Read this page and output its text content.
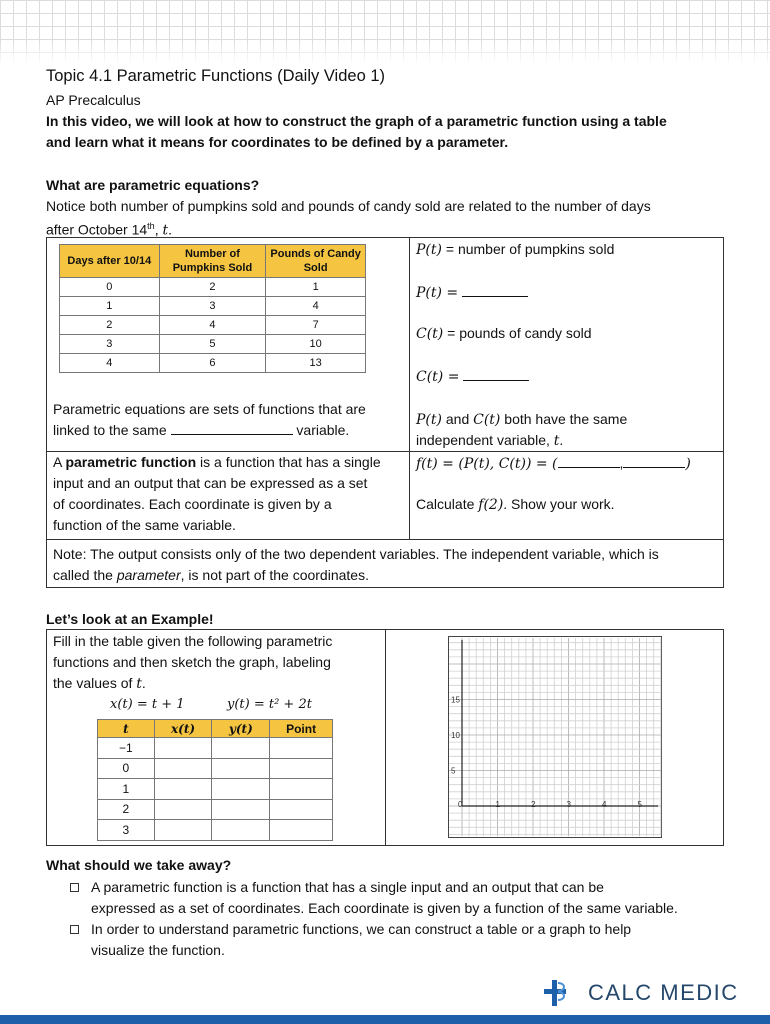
Topic 4.1 Parametric Functions (Daily Video 1)
AP Precalculus
In this video, we will look at how to construct the graph of a parametric function using a table
and learn what it means for coordinates to be defined by a parameter.
What are parametric equations?
Notice both number of pumpkins sold and pounds of candy sold are related to the number of days
after October 14th, t.
Days after 10/14	Number of Pumpkins Sold	Pounds of Candy Sold
0	2	1
1	3	4
2	4	7
3	5	10
4	6	13
P(t) = number of pumpkins sold
P(t) =
C(t) = pounds of candy sold
C(t) =
P(t) and C(t) both have the same
independent variable, t.
Parametric equations are sets of functions that are
linked to the same	variable.
A parametric function is a function that has a single
input and an output that can be expressed as a set
of coordinates. Each coordinate is given by a
function of the same variable.
f(t) = (P(t), C(t)) = (	,	)
Calculate f(2). Show your work.
Note: The output consists only of the two dependent variables. The independent variable, which is
called the parameter, is not part of the coordinates.
Let’s look at an Example!
Fill in the table given the following parametric
functions and then sketch the graph, labeling
the values of t.
x(t) = t + 1	y(t) = t² + 2t
t	x(t)	y(t)	Point
−1			
0			
1			
2			
3			
0	1	2	3	4	5
15
10
5
What should we take away?
A parametric function is a function that has a single input and an output that can be
expressed as a set of coordinates. Each coordinate is given by a function of the same variable.
In order to understand parametric functions, we can construct a table or a graph to help
visualize the function.
CALC MEDIC
